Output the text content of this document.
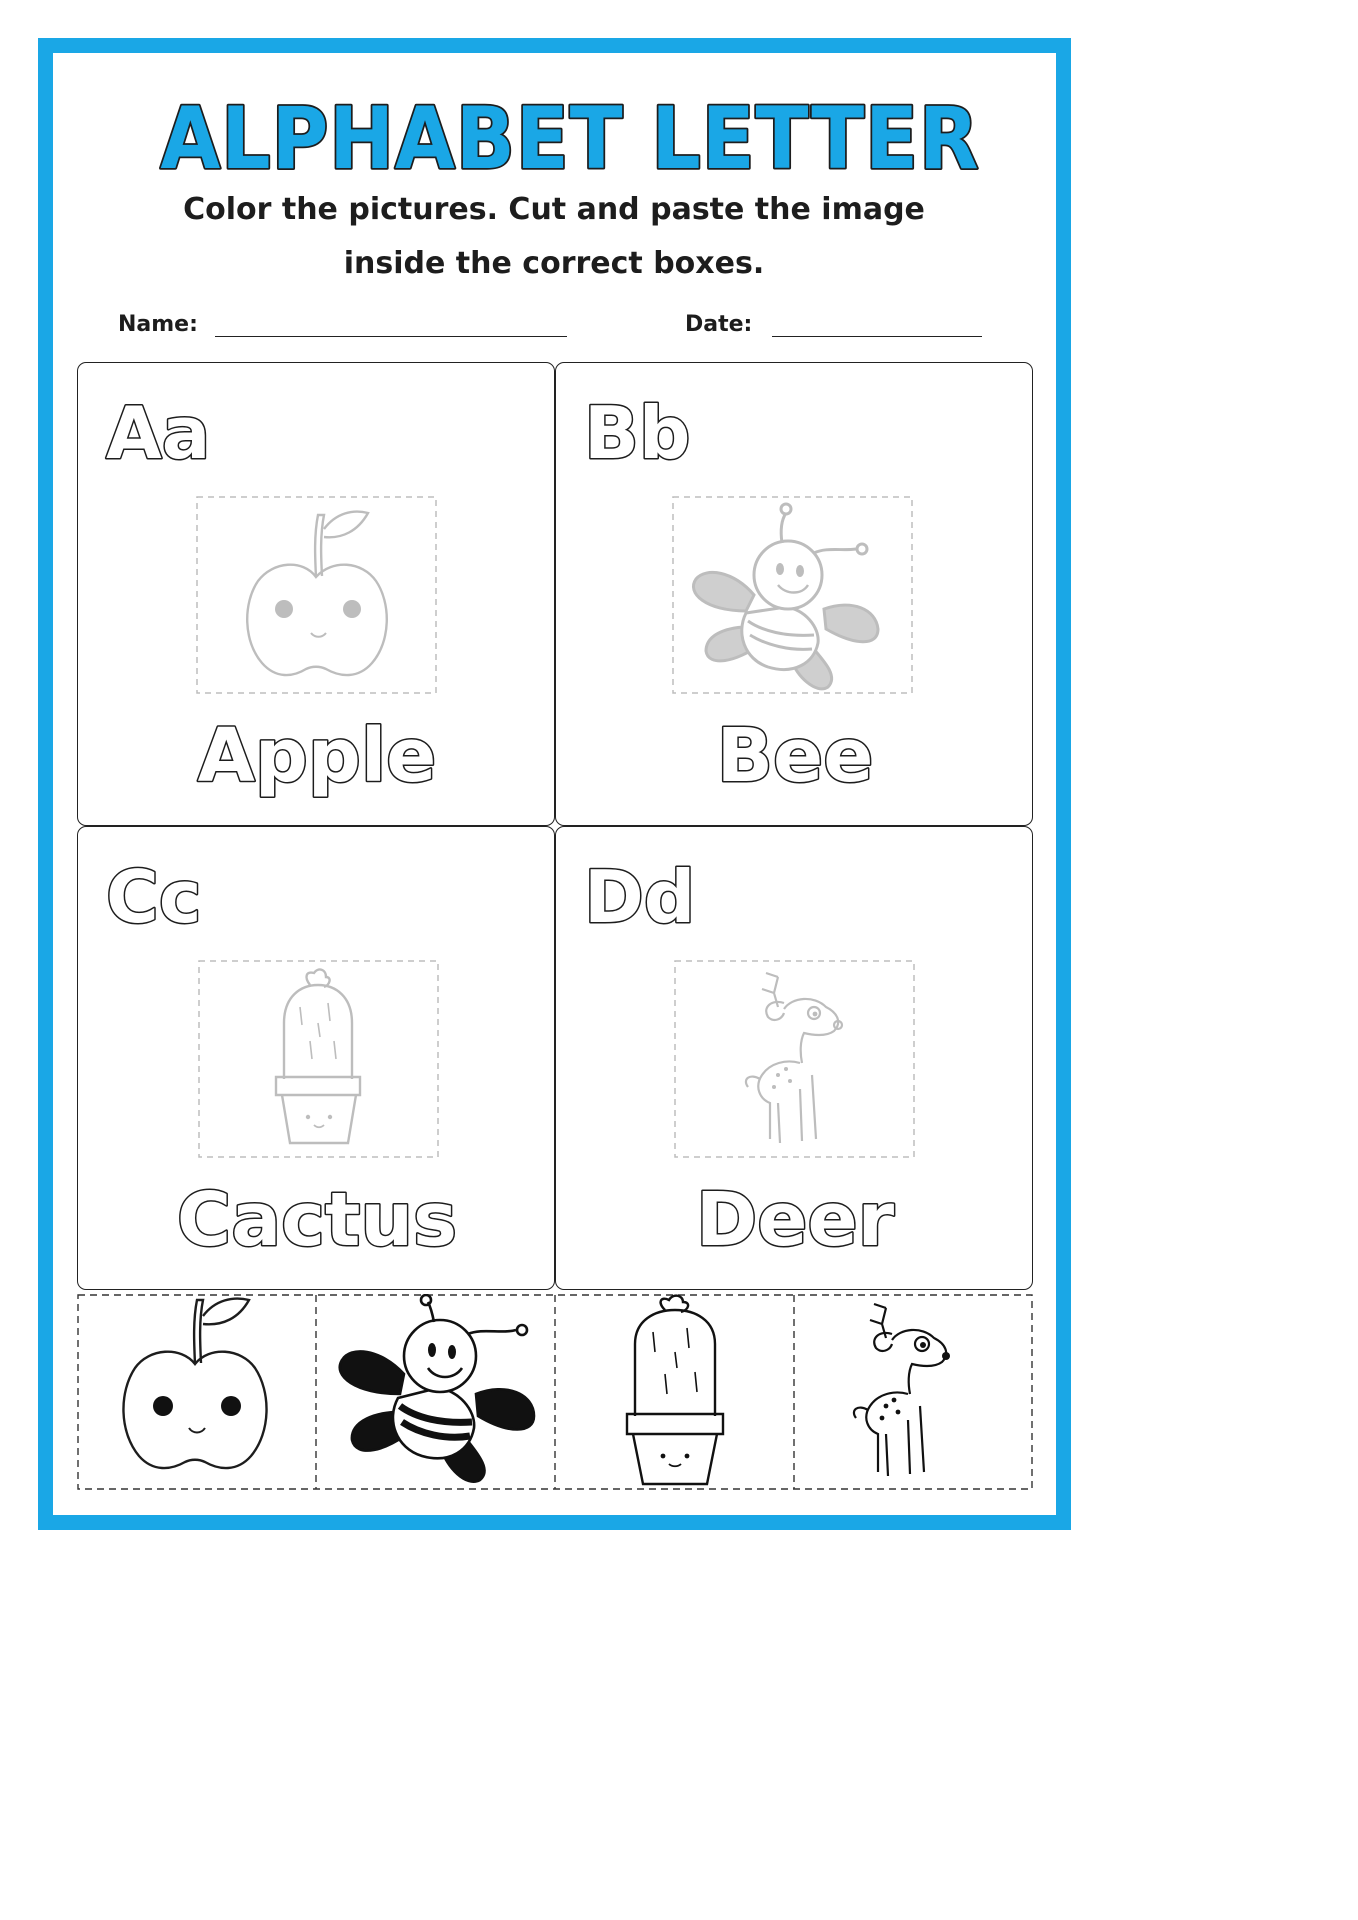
ALPHABET LETTER
Color the pictures. Cut and paste the image
inside the correct boxes.
Name:	Date:
Aa
Apple
Bb
Bee
Cc
Cactus
Dd
Deer
